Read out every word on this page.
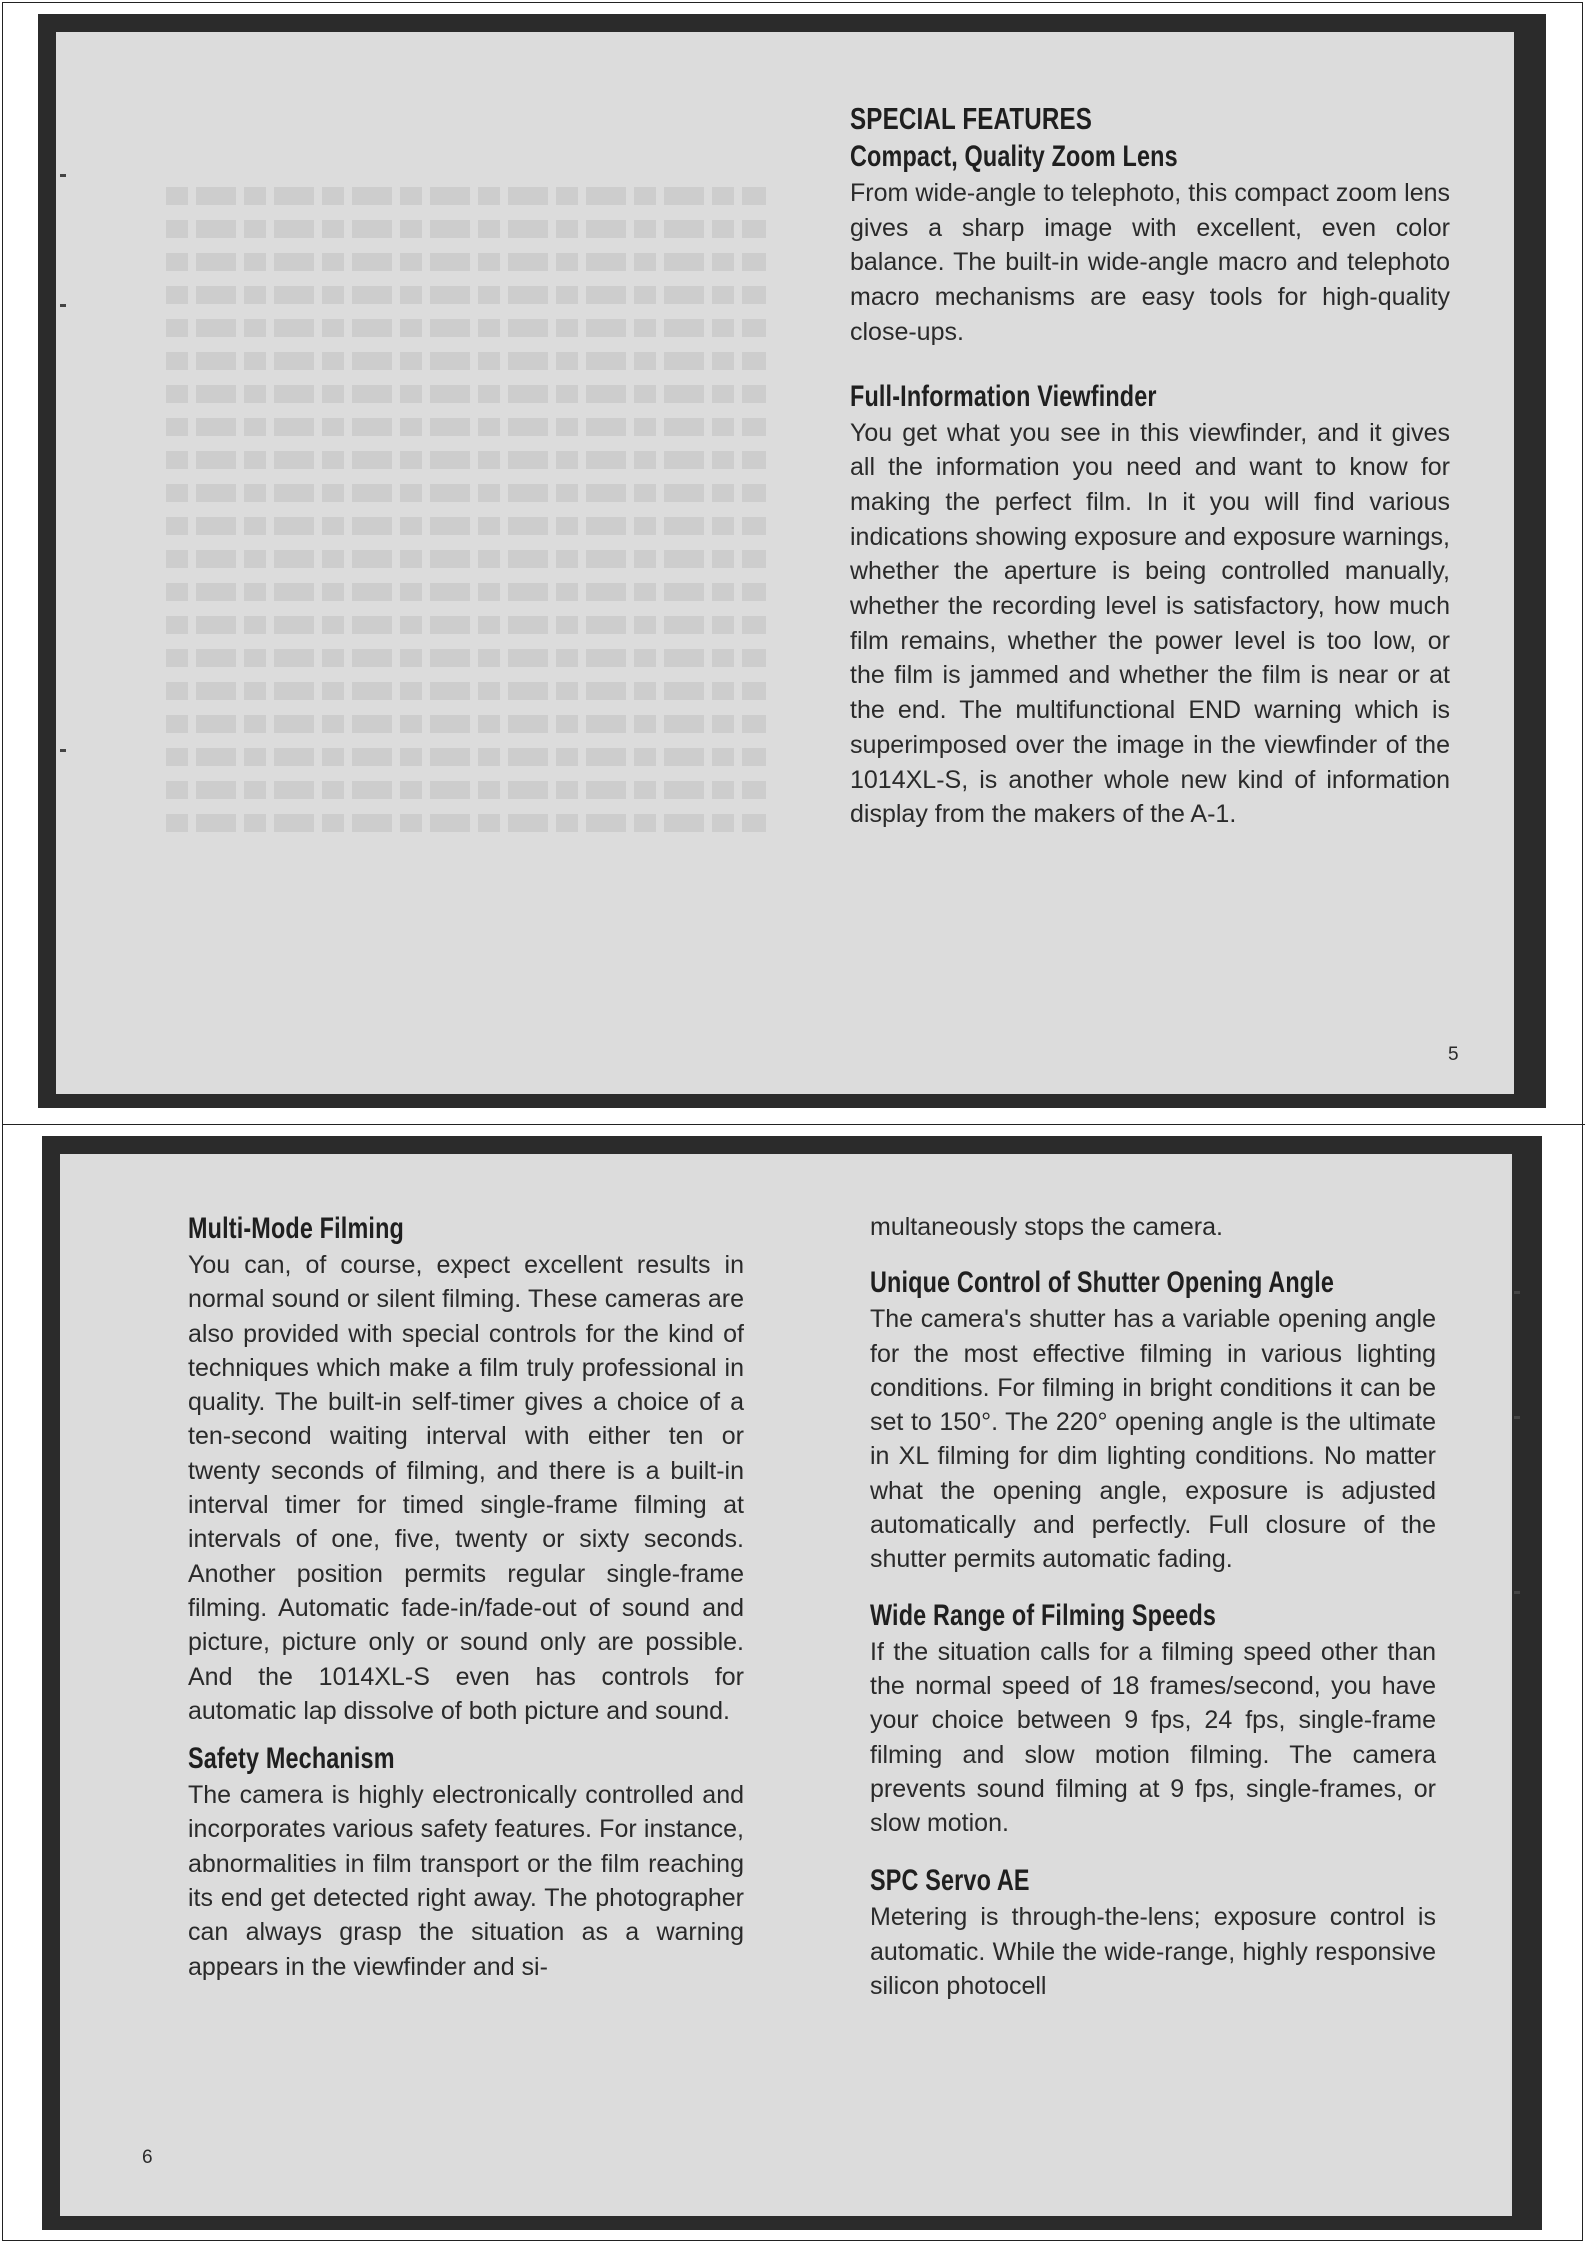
SPECIAL FEATURES
Compact, Quality Zoom Lens

From wide-angle to telephoto, this compact zoom lens gives a sharp image with excellent, even color balance. The built-in wide-angle macro and telephoto macro mechanisms are easy tools for high-quality close-ups.

Full-Information Viewfinder

You get what you see in this viewfinder, and it gives all the information you need and want to know for making the perfect film. In it you will find various indications showing exposure and exposure warnings, whether the aperture is being controlled manually, whether the recording level is satisfactory, how much film remains, whether the power level is too low, or the film is jammed and whether the film is near or at the end. The multifunctional END warning which is superimposed over the image in the viewfinder of the 1014XL-S, is another whole new kind of information display from the makers of the A-1.

5
Multi-Mode Filming

You can, of course, expect excellent results in normal sound or silent filming. These cameras are also provided with special controls for the kind of techniques which make a film truly professional in quality. The built-in self-timer gives a choice of a ten-second waiting interval with either ten or twenty seconds of filming, and there is a built-in interval timer for timed single-frame filming at intervals of one, five, twenty or sixty seconds. Another position permits regular single-frame filming. Automatic fade-in/fade-out of sound and picture, picture only or sound only are possible. And the 1014XL-S even has controls for automatic lap dissolve of both picture and sound.

Safety Mechanism

The camera is highly electronically controlled and incorporates various safety features. For instance, abnormalities in film transport or the film reaching its end get detected right away. The photographer can always grasp the situation as a warning appears in the viewfinder and si-

multaneously stops the camera.

Unique Control of Shutter Opening Angle

The camera's shutter has a variable opening angle for the most effective filming in various lighting conditions. For filming in bright conditions it can be set to 150°. The 220° opening angle is the ultimate in XL filming for dim lighting conditions. No matter what the opening angle, exposure is adjusted automatically and perfectly. Full closure of the shutter permits automatic fading.

Wide Range of Filming Speeds

If the situation calls for a filming speed other than the normal speed of 18 frames/second, you have your choice between 9 fps, 24 fps, single-frame filming and slow motion filming. The camera prevents sound filming at 9 fps, single-frames, or slow motion.

SPC Servo AE

Metering is through-the-lens; exposure control is automatic. While the wide-range, highly responsive silicon photocell

6
